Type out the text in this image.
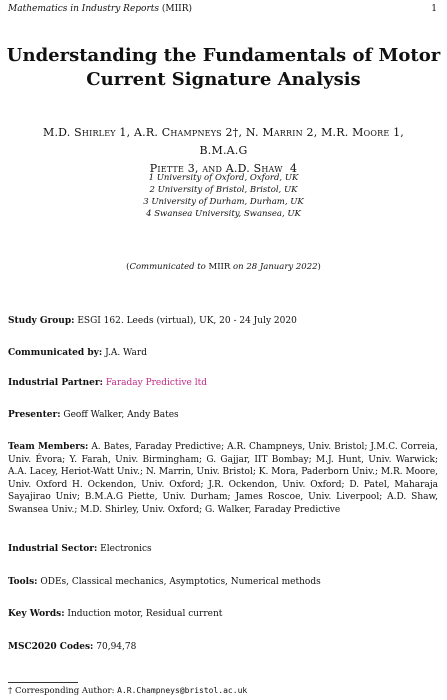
Mathematics in Industry Reports (MIIR)	1
Understanding the Fundamentals of Motor
Current Signature Analysis
M.D. Shirley 1, A.R. Champneys 2†, N. Marrin 2, M.R. Moore 1, B.M.A.G
Piette 3, and A.D. Shaw  4
1 University of Oxford, Oxford, UK
2 University of Bristol, Bristol, UK
3 University of Durham, Durham, UK
4 Swansea University, Swansea, UK
(Communicated to MIIR on 28 January 2022)
Study Group: ESGI 162. Leeds (virtual), UK, 20 - 24 July 2020
Communicated by: J.A. Ward
Industrial Partner: Faraday Predictive ltd
Presenter: Geoff Walker, Andy Bates
Team Members: A. Bates, Faraday Predictive; A.R. Champneys, Univ. Bristol; J.M.C. Correia, Univ. Évora; Y. Farah, Univ. Birmingham; G. Gajjar, IIT Bombay; M.J. Hunt, Univ. Warwick; A.A. Lacey, Heriot-Watt Univ.; N. Marrin, Univ. Bristol; K. Mora, Paderborn Univ.; M.R. Moore, Univ. Oxford H. Ockendon, Univ. Oxford; J.R. Ockendon, Univ. Oxford; D. Patel, Maharaja Sayajirao Univ; B.M.A.G Piette, Univ. Durham; James Roscoe, Univ. Liverpool; A.D. Shaw, Swansea Univ.; M.D. Shirley, Univ. Oxford; G. Walker, Faraday Predictive
Industrial Sector: Electronics
Tools: ODEs, Classical mechanics, Asymptotics, Numerical methods
Key Words: Induction motor, Residual current
MSC2020 Codes: 70,94,78
† Corresponding Author: A.R.Champneys@bristol.ac.uk
